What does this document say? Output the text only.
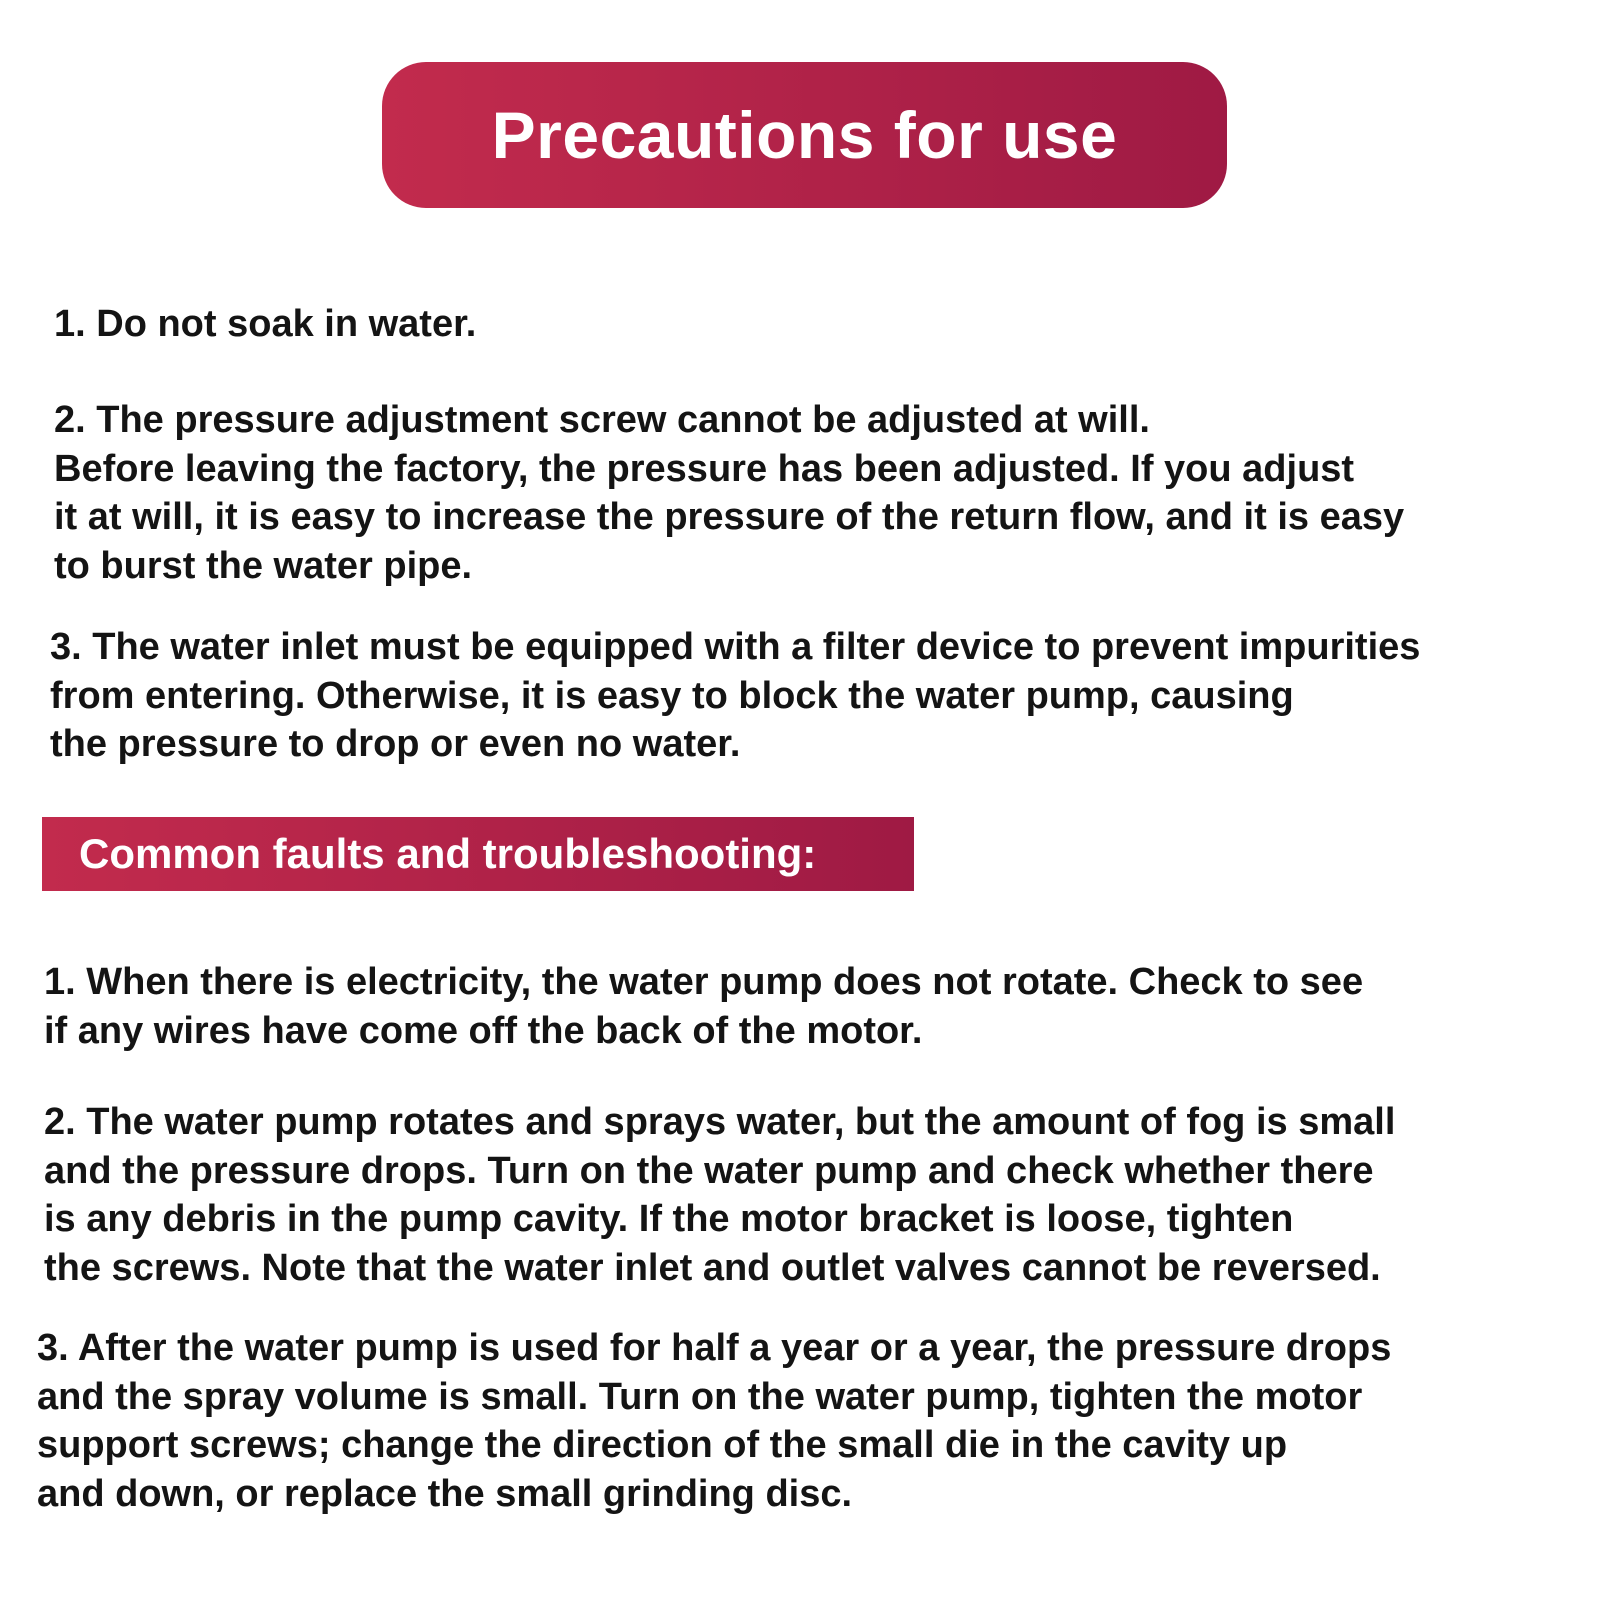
Precautions for use

1. Do not soak in water.

2. The pressure adjustment screw cannot be adjusted at will.
Before leaving the factory, the pressure has been adjusted. If you adjust
it at will, it is easy to increase the pressure of the return flow, and it is easy
to burst the water pipe.

3. The water inlet must be equipped with a filter device to prevent impurities
from entering. Otherwise, it is easy to block the water pump, causing
the pressure to drop or even no water.

Common faults and troubleshooting:

1. When there is electricity, the water pump does not rotate. Check to see
if any wires have come off the back of the motor.

2. The water pump rotates and sprays water, but the amount of fog is small
and the pressure drops. Turn on the water pump and check whether there
is any debris in the pump cavity. If the motor bracket is loose, tighten
the screws. Note that the water inlet and outlet valves cannot be reversed.

3. After the water pump is used for half a year or a year, the pressure drops
and the spray volume is small. Turn on the water pump, tighten the motor
support screws; change the direction of the small die in the cavity up
and down, or replace the small grinding disc.
